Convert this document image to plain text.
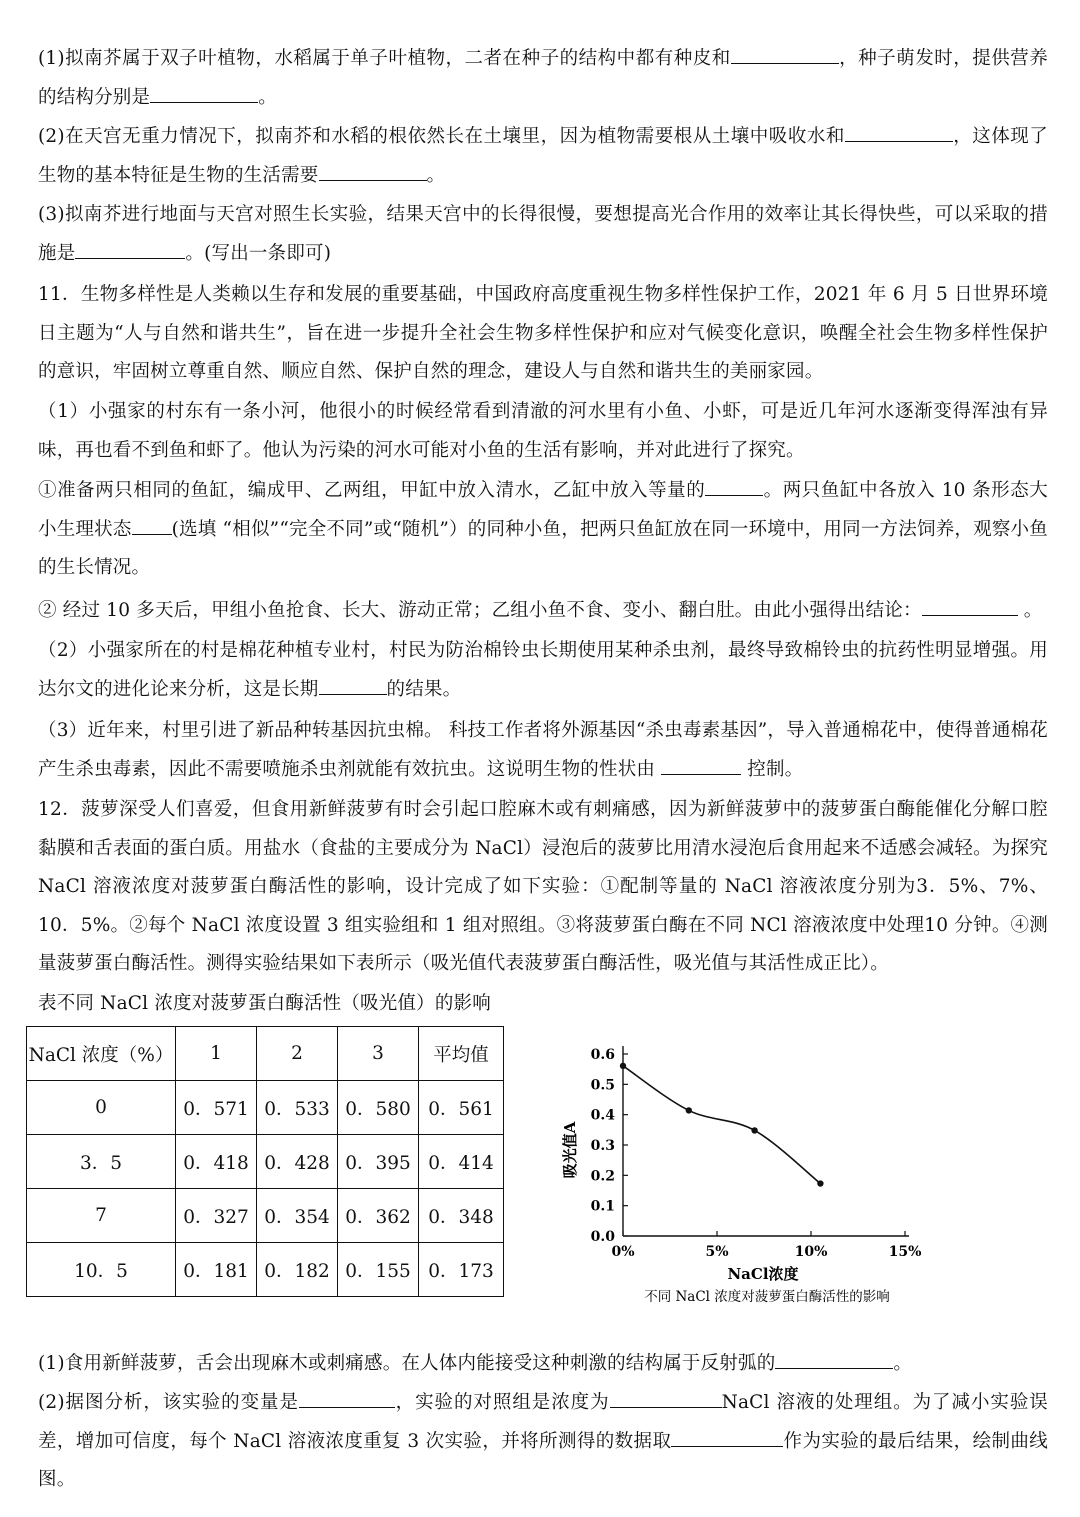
(1)拟南芥属于双子叶植物，水稻属于单子叶植物，二者在种子的结构中都有种皮和	，种子萌发时，提供营养的结构分别是	。

(2)在天宫无重力情况下，拟南芥和水稻的根依然长在土壤里，因为植物需要根从土壤中吸收水和	，这体现了生物的基本特征是生物的生活需要	。

(3)拟南芥进行地面与天宫对照生长实验，结果天宫中的长得很慢，要想提高光合作用的效率让其长得快些，可以采取的措施是	。(写出一条即可)

11．生物多样性是人类赖以生存和发展的重要基础，中国政府高度重视生物多样性保护工作，2021 年 6 月 5 日世界环境日主题为“人与自然和谐共生”，旨在进一步提升全社会生物多样性保护和应对气候变化意识，唤醒全社会生物多样性保护的意识，牢固树立尊重自然、顺应自然、保护自然的理念，建设人与自然和谐共生的美丽家园。

（1）小强家的村东有一条小河，他很小的时候经常看到清澈的河水里有小鱼、小虾，可是近几年河水逐渐变得浑浊有异味，再也看不到鱼和虾了。他认为污染的河水可能对小鱼的生活有影响，并对此进行了探究。

①准备两只相同的鱼缸，编成甲、乙两组，甲缸中放入清水，乙缸中放入等量的	。两只鱼缸中各放入 10 条形态大小生理状态 (选填 “相似”“完全不同”或“随机”）的同种小鱼，把两只鱼缸放在同一环境中，用同一方法饲养，观察小鱼的生长情况。

② 经过 10 多天后，甲组小鱼抢食、长大、游动正常；乙组小鱼不食、变小、翻白肚。由此小强得出结论：	。

（2）小强家所在的村是棉花种植专业村，村民为防治棉铃虫长期使用某种杀虫剂，最终导致棉铃虫的抗药性明显增强。用达尔文的进化论来分析，这是长期	的结果。

（3）近年来，村里引进了新品种转基因抗虫棉。 科技工作者将外源基因“杀虫毒素基因”，导入普通棉花中，使得普通棉花产生杀虫毒素，因此不需要喷施杀虫剂就能有效抗虫。这说明生物的性状由	控制。

12．菠萝深受人们喜爱，但食用新鲜菠萝有时会引起口腔麻木或有刺痛感，因为新鲜菠萝中的菠萝蛋白酶能催化分解口腔黏膜和舌表面的蛋白质。用盐水（食盐的主要成分为 NaCl）浸泡后的菠萝比用清水浸泡后食用起来不适感会减轻。为探究 NaCl 溶液浓度对菠萝蛋白酶活性的影响，设计完成了如下实验：①配制等量的 NaCl 溶液浓度分别为3．5%、7%、10．5%。②每个 NaCl 浓度设置 3 组实验组和 1 组对照组。③将菠萝蛋白酶在不同 NCl 溶液浓度中处理10 分钟。④测量菠萝蛋白酶活性。测得实验结果如下表所示（吸光值代表菠萝蛋白酶活性，吸光值与其活性成正比）。

表不同 NaCl 浓度对菠萝蛋白酶活性（吸光值）的影响

NaCl 浓度（%）	1	2	3	平均值
0	0．571	0．533	0．580	0．561
3．5	0．418	0．428	0．395	0．414
7	0．327	0．354	0．362	0．348
10．5	0．181	0．182	0．155	0．173
0.0
0.1
0.2
0.3
0.4
0.5
0.6
0%	5%	10%	15%
吸光值A
NaCl浓度
不同 NaCl 浓度对菠萝蛋白酶活性的影响

(1)食用新鲜菠萝，舌会出现麻木或刺痛感。在人体内能接受这种刺激的结构属于反射弧的	。

(2)据图分析，该实验的变量是	，实验的对照组是浓度为	NaCl 溶液的处理组。为了减小实验误差，增加可信度，每个 NaCl 溶液浓度重复 3 次实验，并将所测得的数据取	作为实验的最后结果，绘制曲线图。
